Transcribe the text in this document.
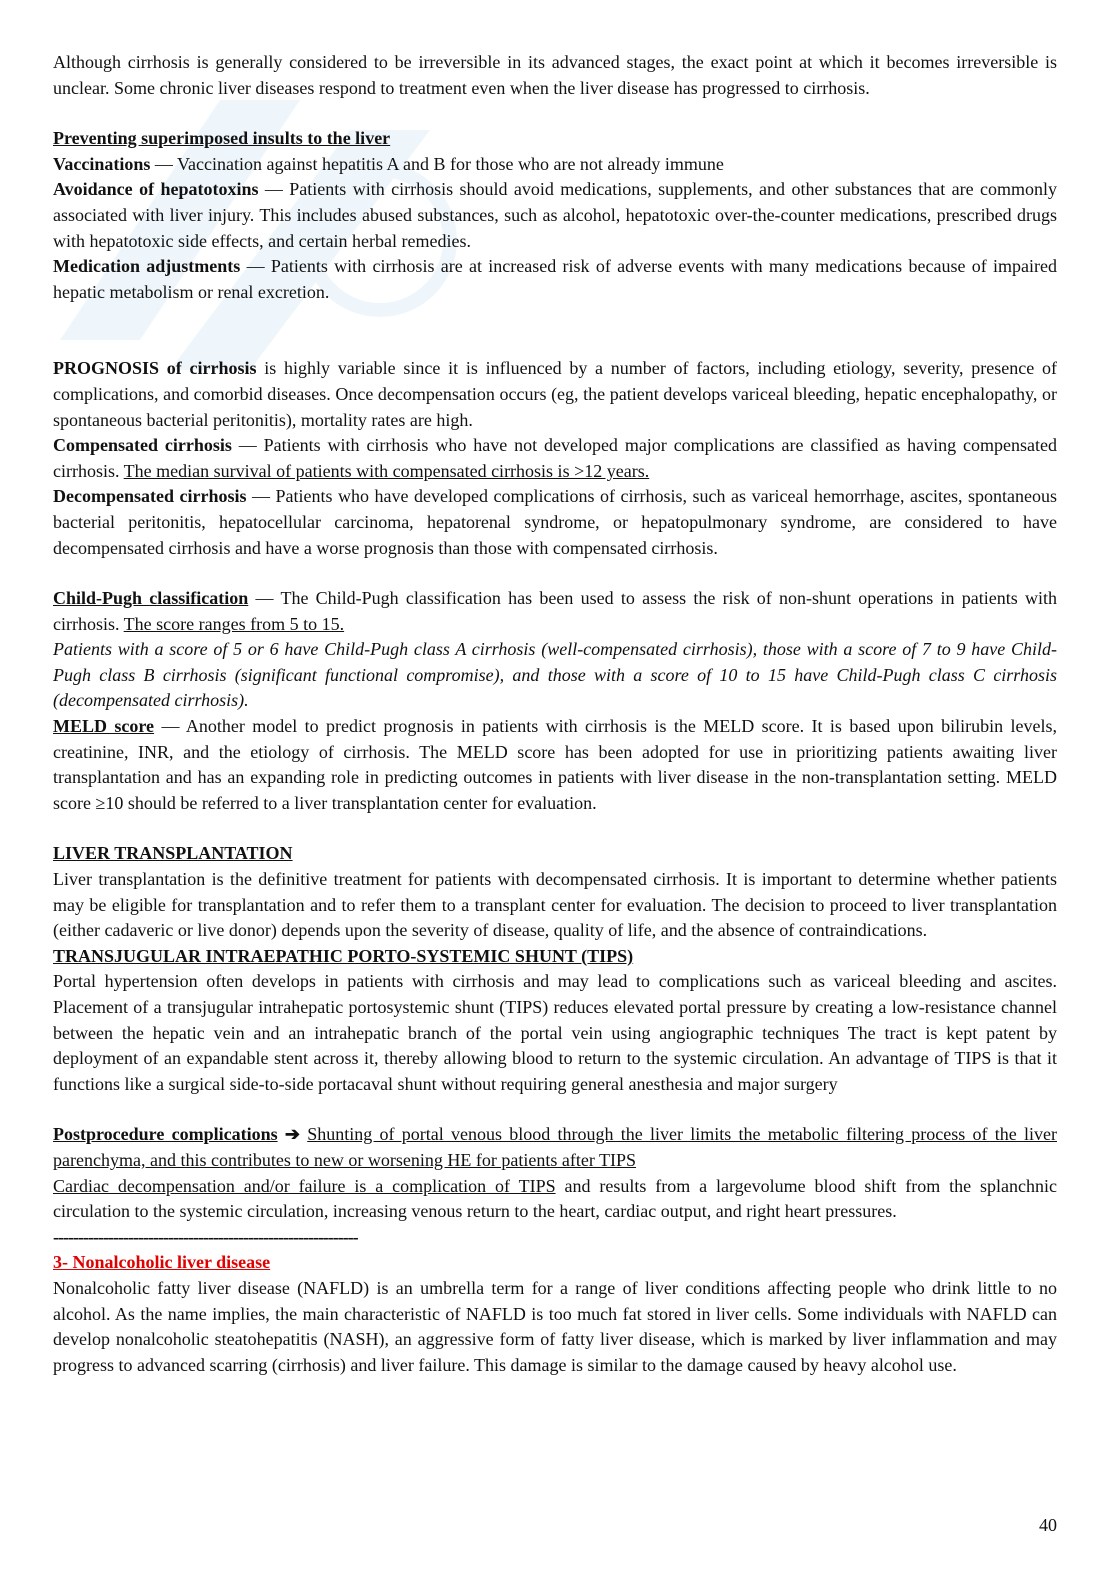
Although cirrhosis is generally considered to be irreversible in its advanced stages, the exact point at which it becomes irreversible is unclear. Some chronic liver diseases respond to treatment even when the liver disease has progressed to cirrhosis.

Preventing superimposed insults to the liver

Vaccinations — Vaccination against hepatitis A and B for those who are not already immune

Avoidance of hepatotoxins — Patients with cirrhosis should avoid medications, supplements, and other substances that are commonly associated with liver injury. This includes abused substances, such as alcohol, hepatotoxic over-the-counter medications, prescribed drugs with hepatotoxic side effects, and certain herbal remedies.

Medication adjustments — Patients with cirrhosis are at increased risk of adverse events with many medications because of impaired hepatic metabolism or renal excretion.

PROGNOSIS of cirrhosis is highly variable since it is influenced by a number of factors, including etiology, severity, presence of complications, and comorbid diseases. Once decompensation occurs (eg, the patient develops variceal bleeding, hepatic encephalopathy, or spontaneous bacterial peritonitis), mortality rates are high.

Compensated cirrhosis — Patients with cirrhosis who have not developed major complications are classified as having compensated cirrhosis. The median survival of patients with compensated cirrhosis is >12 years.

Decompensated cirrhosis — Patients who have developed complications of cirrhosis, such as variceal hemorrhage, ascites, spontaneous bacterial peritonitis, hepatocellular carcinoma, hepatorenal syndrome, or hepatopulmonary syndrome, are considered to have decompensated cirrhosis and have a worse prognosis than those with compensated cirrhosis.

Child-Pugh classification — The Child-Pugh classification has been used to assess the risk of non-shunt operations in patients with cirrhosis. The score ranges from 5 to 15.

Patients with a score of 5 or 6 have Child-Pugh class A cirrhosis (well-compensated cirrhosis), those with a score of 7 to 9 have Child-Pugh class B cirrhosis (significant functional compromise), and those with a score of 10 to 15 have Child-Pugh class C cirrhosis (decompensated cirrhosis).

MELD score — Another model to predict prognosis in patients with cirrhosis is the MELD score. It is based upon bilirubin levels, creatinine, INR, and the etiology of cirrhosis. The MELD score has been adopted for use in prioritizing patients awaiting liver transplantation and has an expanding role in predicting outcomes in patients with liver disease in the non-transplantation setting. MELD score ≥10 should be referred to a liver transplantation center for evaluation.

LIVER TRANSPLANTATION

Liver transplantation is the definitive treatment for patients with decompensated cirrhosis. It is important to determine whether patients may be eligible for transplantation and to refer them to a transplant center for evaluation. The decision to proceed to liver transplantation (either cadaveric or live donor) depends upon the severity of disease, quality of life, and the absence of contraindications.

TRANSJUGULAR INTRAEPATHIC PORTO-SYSTEMIC SHUNT (TIPS)

Portal hypertension often develops in patients with cirrhosis and may lead to complications such as variceal bleeding and ascites. Placement of a transjugular intrahepatic portosystemic shunt (TIPS) reduces elevated portal pressure by creating a low-resistance channel between the hepatic vein and an intrahepatic branch of the portal vein using angiographic techniques The tract is kept patent by deployment of an expandable stent across it, thereby allowing blood to return to the systemic circulation. An advantage of TIPS is that it functions like a surgical side-to-side portacaval shunt without requiring general anesthesia and major surgery

Postprocedure complications ➔ Shunting of portal venous blood through the liver limits the metabolic filtering process of the liver parenchyma, and this contributes to new or worsening HE for patients after TIPS

Cardiac decompensation and/or failure is a complication of TIPS and results from a largevolume blood shift from the splanchnic circulation to the systemic circulation, increasing venous return to the heart, cardiac output, and right heart pressures.

-------------------------------------------------------------

3- Nonalcoholic liver disease

Nonalcoholic fatty liver disease (NAFLD) is an umbrella term for a range of liver conditions affecting people who drink little to no alcohol. As the name implies, the main characteristic of NAFLD is too much fat stored in liver cells. Some individuals with NAFLD can develop nonalcoholic steatohepatitis (NASH), an aggressive form of fatty liver disease, which is marked by liver inflammation and may progress to advanced scarring (cirrhosis) and liver failure. This damage is similar to the damage caused by heavy alcohol use.

40
